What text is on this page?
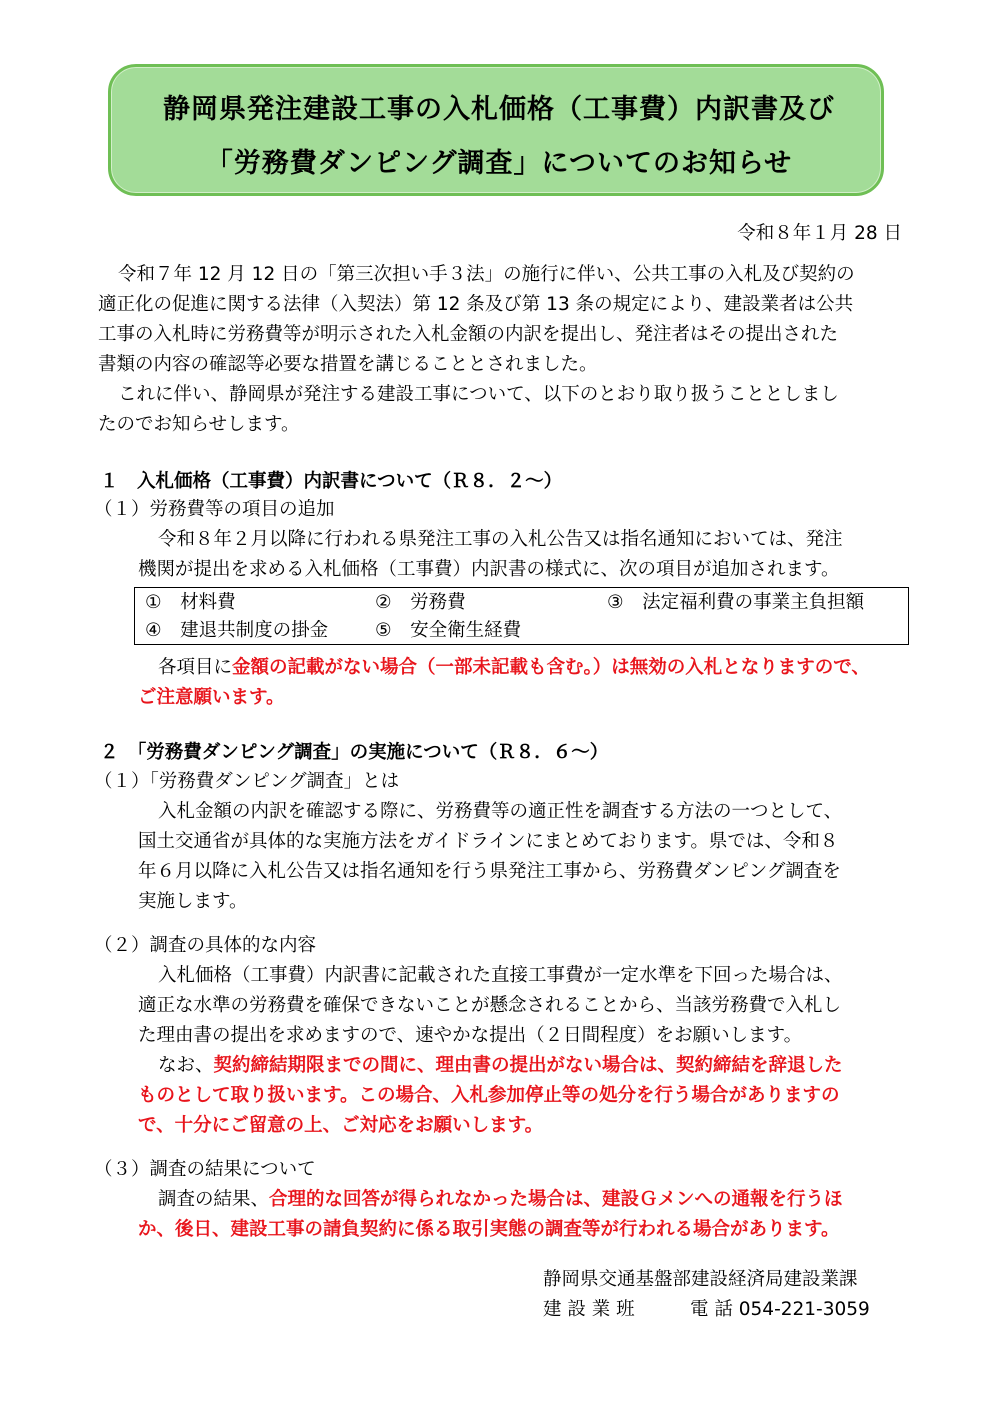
静岡県発注建設工事の入札価格（工事費）内訳書及び
「労務費ダンピング調査」についてのお知らせ
令和８年１月 28 日
令和７年 12 月 12 日の「第三次担い手３法」の施行に伴い、公共工事の入札及び契約の
適正化の促進に関する法律（入契法）第 12 条及び第 13 条の規定により、建設業者は公共
工事の入札時に労務費等が明示された入札金額の内訳を提出し、発注者はその提出された
書類の内容の確認等必要な措置を講じることとされました。
これに伴い、静岡県が発注する建設工事について、以下のとおり取り扱うこととしまし
たのでお知らせします。
１　入札価格（工事費）内訳書について（Ｒ８．２～）
（１）労務費等の項目の追加
令和８年２月以降に行われる県発注工事の入札公告又は指名通知においては、発注
機関が提出を求める入札価格（工事費）内訳書の様式に、次の項目が追加されます。
①　材料費	②　労務費	③　法定福利費の事業主負担額
④　建退共制度の掛金	⑤　安全衛生経費
各項目に金額の記載がない場合（一部未記載も含む。）は無効の入札となりますので、
ご注意願います。
２　「労務費ダンピング調査」の実施について（Ｒ８．６～）
（１）「労務費ダンピング調査」とは
入札金額の内訳を確認する際に、労務費等の適正性を調査する方法の一つとして、
国土交通省が具体的な実施方法をガイドラインにまとめております。県では、令和８
年６月以降に入札公告又は指名通知を行う県発注工事から、労務費ダンピング調査を
実施します。
（２）調査の具体的な内容
入札価格（工事費）内訳書に記載された直接工事費が一定水準を下回った場合は、
適正な水準の労務費を確保できないことが懸念されることから、当該労務費で入札し
た理由書の提出を求めますので、速やかな提出（２日間程度）をお願いします。
なお、契約締結期限までの間に、理由書の提出がない場合は、契約締結を辞退した
ものとして取り扱います。この場合、入札参加停止等の処分を行う場合がありますの
で、十分にご留意の上、ご対応をお願いします。
（３）調査の結果について
調査の結果、合理的な回答が得られなかった場合は、建設Ｇメンへの通報を行うほ
か、後日、建設工事の請負契約に係る取引実態の調査等が行われる場合があります。
静岡県交通基盤部建設経済局建設業課
建 設 業 班	電 話 054-221-3059
